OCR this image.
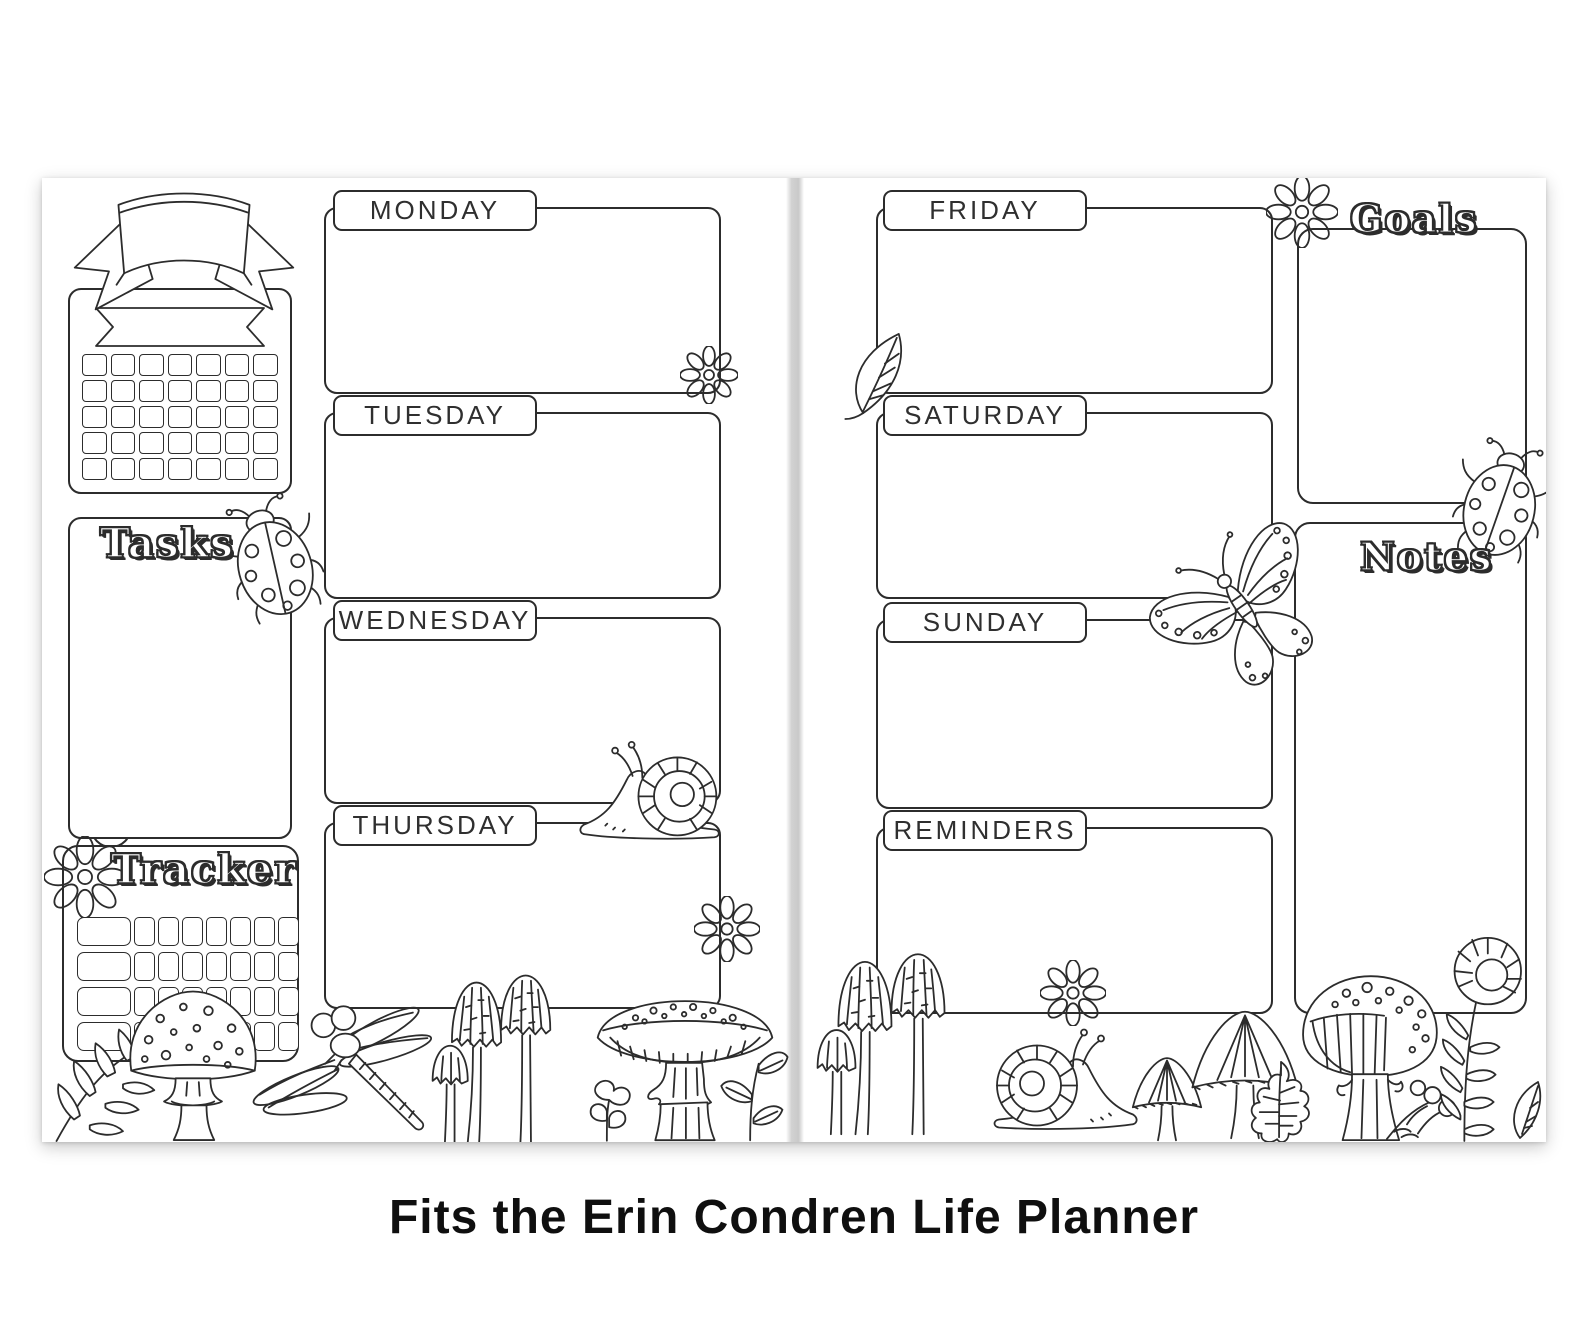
Tasks
Tracker
MONDAY
TUESDAY
WEDNESDAY
THURSDAY
FRIDAY
SATURDAY
SUNDAY
REMINDERS
Goals
Notes
Fits the Erin Condren Life Planner
